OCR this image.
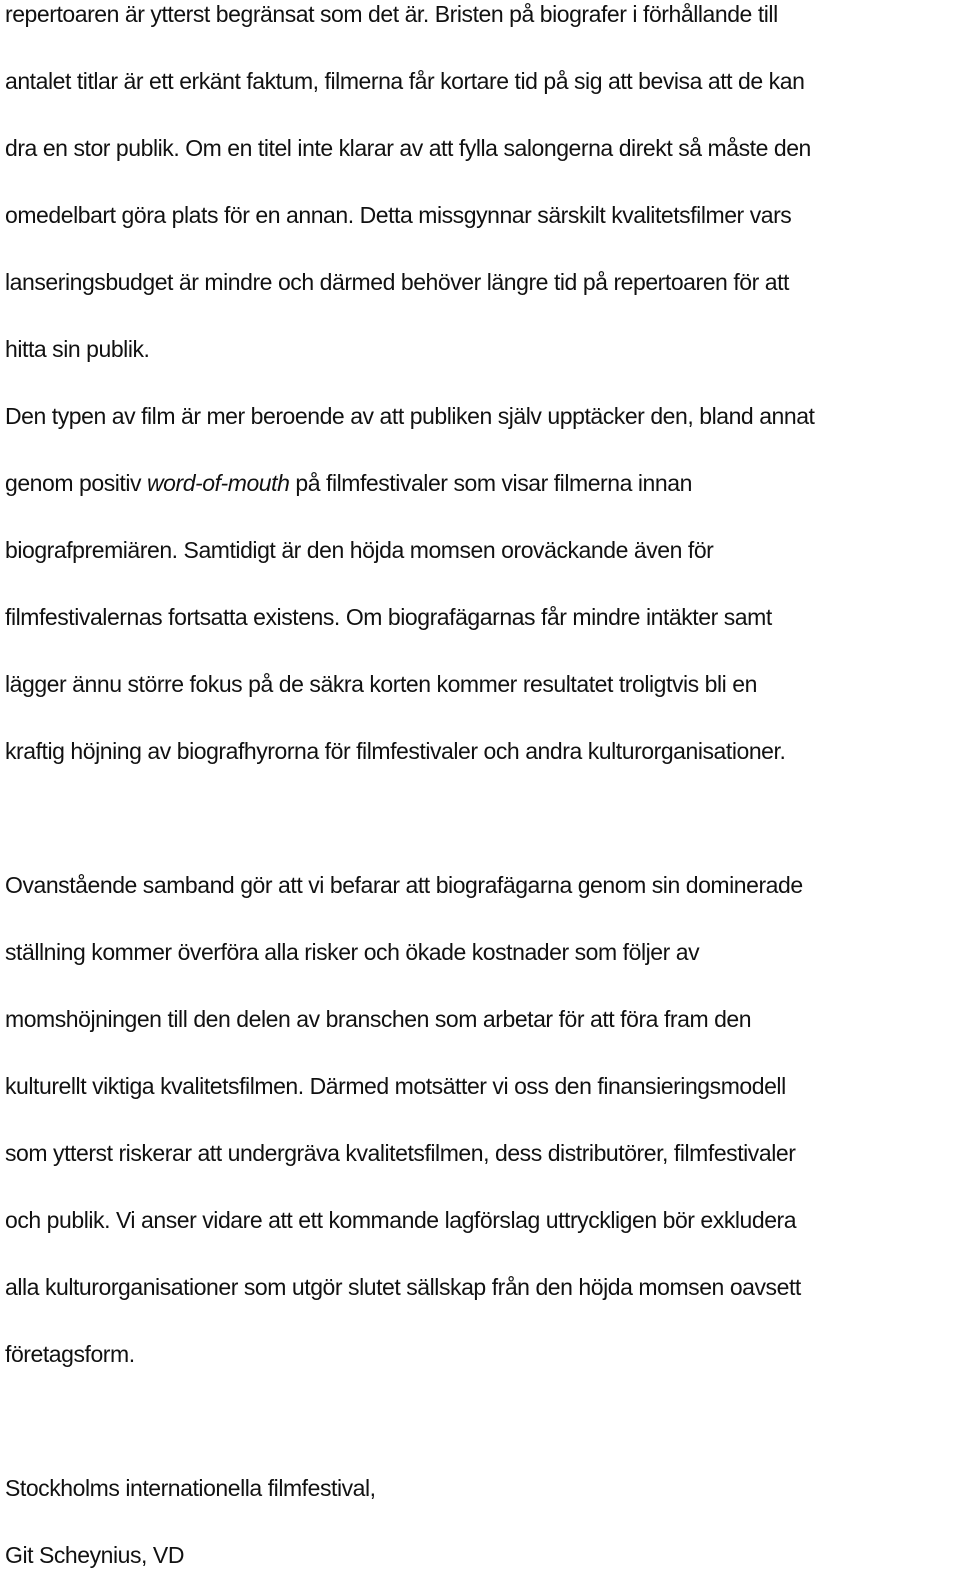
repertoaren är ytterst begränsat som det är. Bristen på biografer i förhållande till
antalet titlar är ett erkänt faktum, filmerna får kortare tid på sig att bevisa att de kan
dra en stor publik. Om en titel inte klarar av att fylla salongerna direkt så måste den
omedelbart göra plats för en annan. Detta missgynnar särskilt kvalitetsfilmer vars
lanseringsbudget är mindre och därmed behöver längre tid på repertoaren för att
hitta sin publik.

Den typen av film är mer beroende av att publiken själv upptäcker den, bland annat
genom positiv word-of-mouth på filmfestivaler som visar filmerna innan
biografpremiären. Samtidigt är den höjda momsen oroväckande även för
filmfestivalernas fortsatta existens. Om biografägarnas får mindre intäkter samt
lägger ännu större fokus på de säkra korten kommer resultatet troligtvis bli en
kraftig höjning av biografhyrorna för filmfestivaler och andra kulturorganisationer.

Ovanstående samband gör att vi befarar att biografägarna genom sin dominerade
ställning kommer överföra alla risker och ökade kostnader som följer av
momshöjningen till den delen av branschen som arbetar för att föra fram den
kulturellt viktiga kvalitetsfilmen. Därmed motsätter vi oss den finansieringsmodell
som ytterst riskerar att undergräva kvalitetsfilmen, dess distributörer, filmfestivaler
och publik. Vi anser vidare att ett kommande lagförslag uttryckligen bör exkludera
alla kulturorganisationer som utgör slutet sällskap från den höjda momsen oavsett
företagsform.

Stockholms internationella filmfestival,
Git Scheynius, VD
